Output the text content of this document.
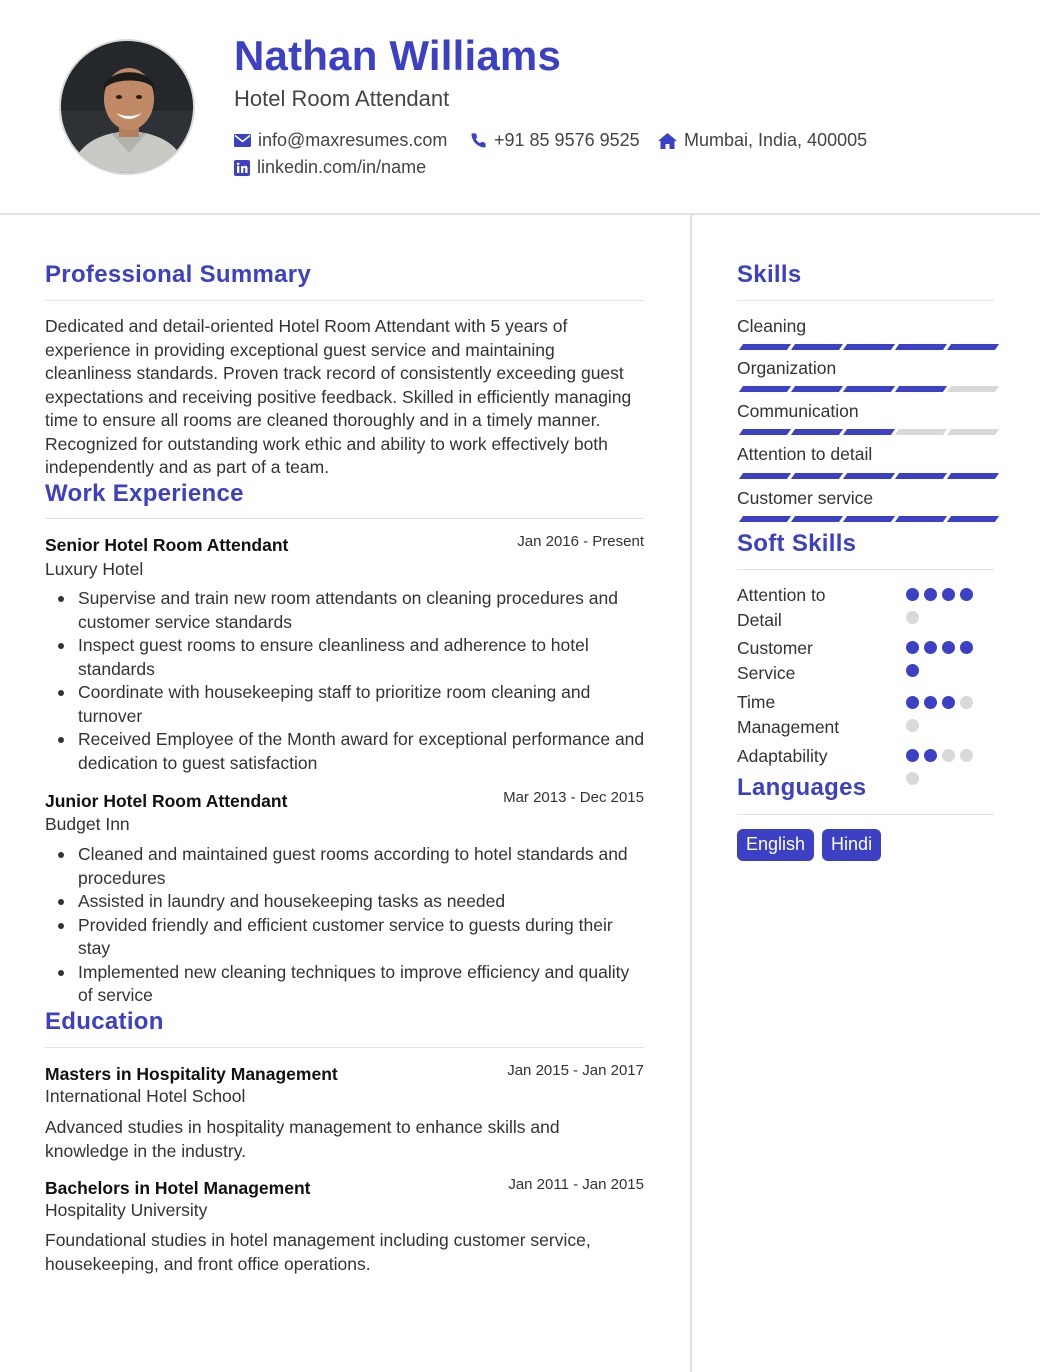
Nathan Williams
Hotel Room Attendant
info@maxresumes.com	+91 85 9576 9525 Mumbai, India, 400005
linkedin.com/in/name
Professional Summary
Dedicated and detail-oriented Hotel Room Attendant with 5 years of experience in providing exceptional guest service and maintaining cleanliness standards. Proven track record of consistently exceeding guest expectations and receiving positive feedback. Skilled in efficiently managing time to ensure all rooms are cleaned thoroughly and in a timely manner. Recognized for outstanding work ethic and ability to work effectively both independently and as part of a team.
Work Experience
Senior Hotel Room Attendant	Jan 2016 - Present
Luxury Hotel
Supervise and train new room attendants on cleaning procedures and customer service standards
Inspect guest rooms to ensure cleanliness and adherence to hotel standards
Coordinate with housekeeping staff to prioritize room cleaning and turnover
Received Employee of the Month award for exceptional performance and dedication to guest satisfaction
Junior Hotel Room Attendant	Mar 2013 - Dec 2015
Budget Inn
Cleaned and maintained guest rooms according to hotel standards and procedures
Assisted in laundry and housekeeping tasks as needed
Provided friendly and efficient customer service to guests during their stay
Implemented new cleaning techniques to improve efficiency and quality of service
Education
Masters in Hospitality Management	Jan 2015 - Jan 2017
International Hotel School
Advanced studies in hospitality management to enhance skills and knowledge in the industry.
Bachelors in Hotel Management	Jan 2011 - Jan 2015
Hospitality University
Foundational studies in hotel management including customer service, housekeeping, and front office operations.
Skills
Cleaning
Organization
Communication
Attention to detail
Customer service
Soft Skills
Attention to Detail
Customer Service
Time Management
Adaptability
Languages
English	Hindi
